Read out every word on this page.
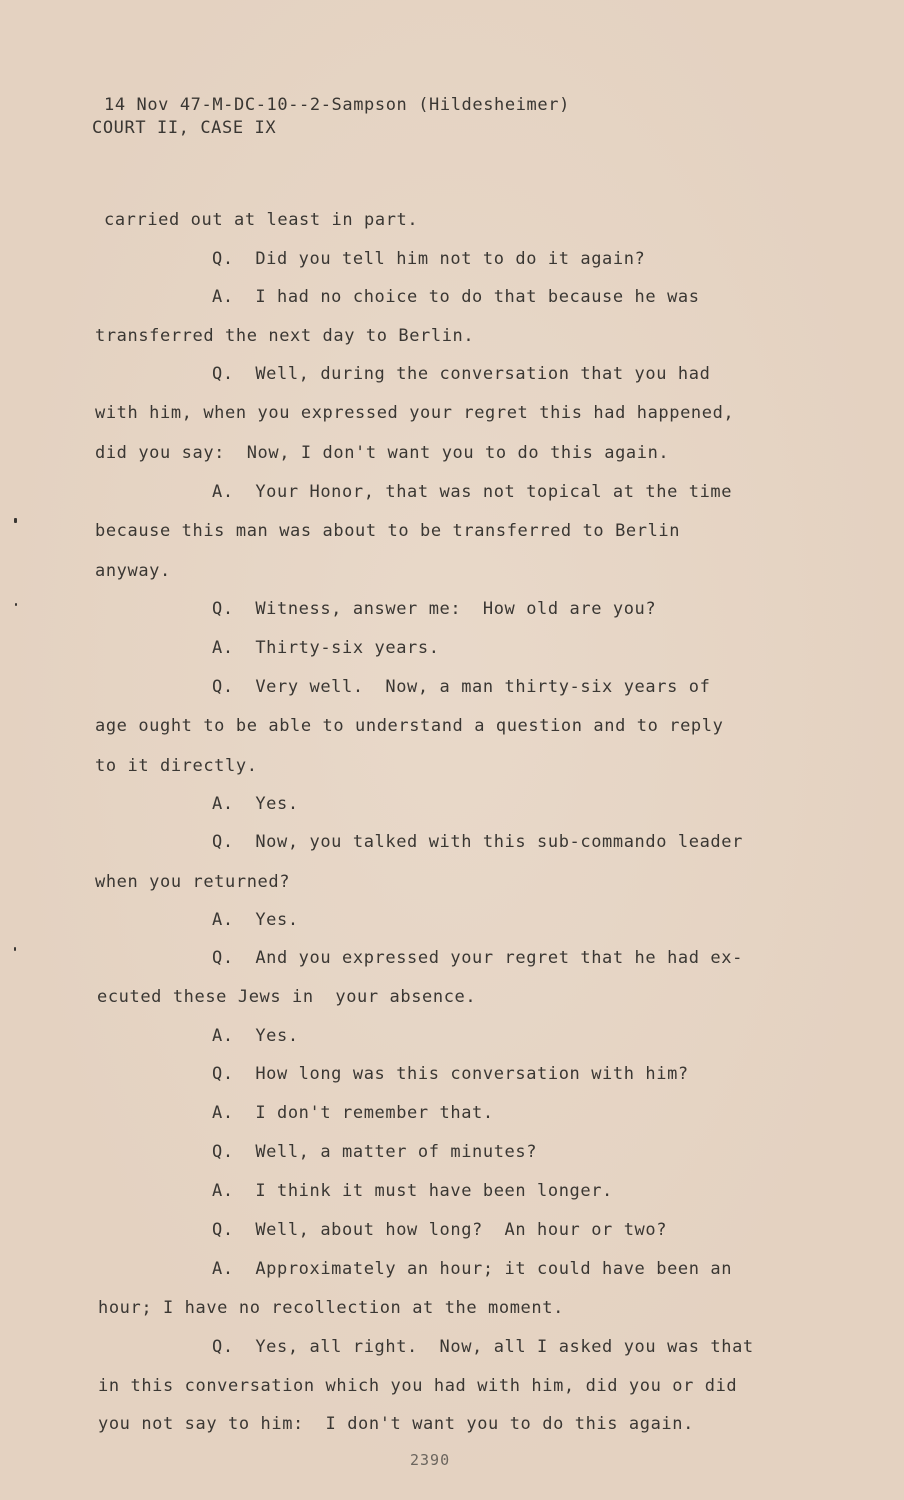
14 Nov 47-M-DC-10--2-Sampson (Hildesheimer)
COURT II, CASE IX
carried out at least in part.
Q.  Did you tell him not to do it again?
A.  I had no choice to do that because he was
transferred the next day to Berlin.
Q.  Well, during the conversation that you had
with him, when you expressed your regret this had happened,
did you say:  Now, I don't want you to do this again.
A.  Your Honor, that was not topical at the time
because this man was about to be transferred to Berlin
anyway.
Q.  Witness, answer me:  How old are you?
A.  Thirty-six years.
Q.  Very well.  Now, a man thirty-six years of
age ought to be able to understand a question and to reply
to it directly.
A.  Yes.
Q.  Now, you talked with this sub-commando leader
when you returned?
A.  Yes.
Q.  And you expressed your regret that he had ex-
ecuted these Jews in  your absence.
A.  Yes.
Q.  How long was this conversation with him?
A.  I don't remember that.
Q.  Well, a matter of minutes?
A.  I think it must have been longer.
Q.  Well, about how long?  An hour or two?
A.  Approximately an hour; it could have been an
hour; I have no recollection at the moment.
Q.  Yes, all right.  Now, all I asked you was that
in this conversation which you had with him, did you or did
you not say to him:  I don't want you to do this again.
2390
